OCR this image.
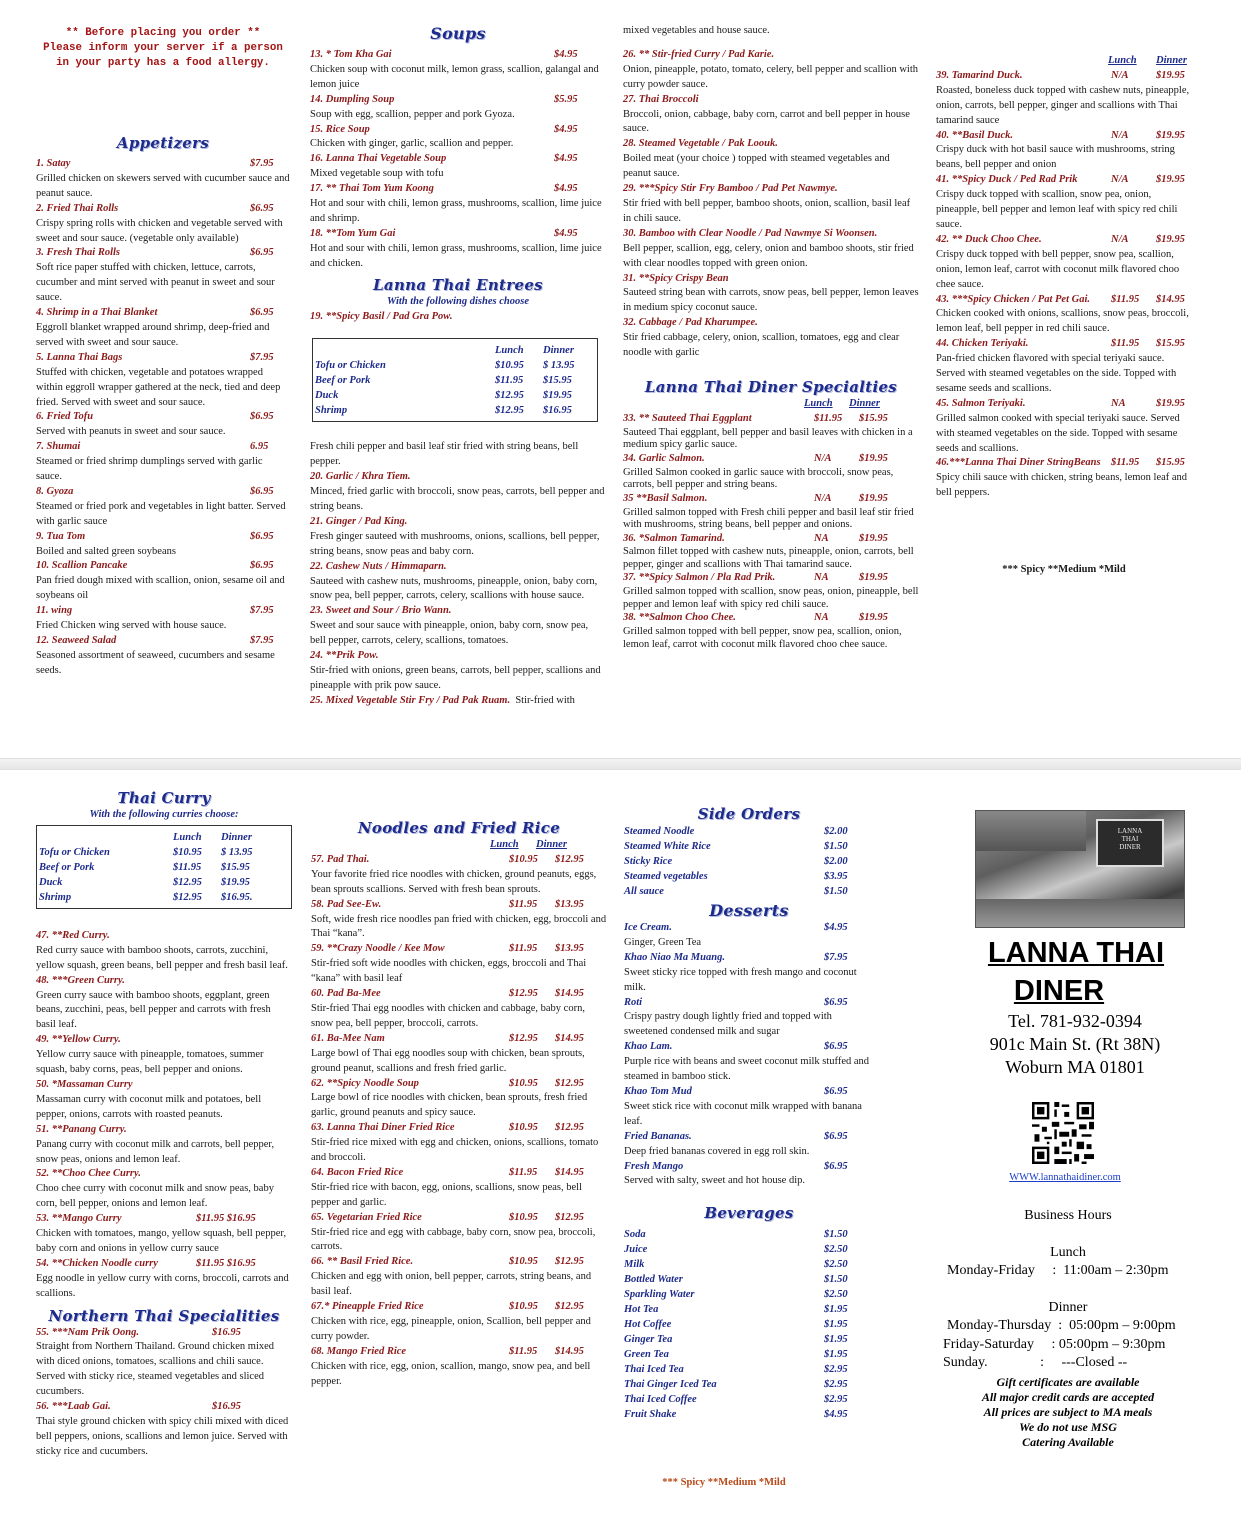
** Before placing you order **
Please inform your server if a person
in your party has a food allergy.
Appetizers
1. Satay	$7.95
Grilled chicken on skewers served with cucumber sauce and peanut sauce.
2. Fried Thai Rolls	$6.95
Crispy spring rolls with chicken and vegetable served with sweet and sour sauce. (vegetable only available)
3. Fresh Thai Rolls	$6.95
Soft rice paper stuffed with chicken, lettuce, carrots, cucumber and mint served with peanut in sweet and sour sauce.
4. Shrimp in a Thai Blanket	$6.95
Eggroll blanket wrapped around shrimp, deep-fried and served with sweet and sour sauce.
5. Lanna Thai Bags	$7.95
Stuffed with chicken, vegetable and potatoes wrapped within eggroll wrapper gathered at the neck, tied and deep fried. Served with sweet and sour sauce.
6. Fried Tofu	$6.95
Served with peanuts in sweet and sour sauce.
7. Shumai	6.95
Steamed or fried shrimp dumplings served with garlic sauce.
8. Gyoza	$6.95
Steamed or fried pork and vegetables in light batter. Served with garlic sauce
9. Tua Tom	$6.95
Boiled and salted green soybeans
10. Scallion Pancake	$6.95
Pan fried dough mixed with scallion, onion, sesame oil and soybeans oil
11. wing	$7.95
Fried Chicken wing served with house sauce.
12. Seaweed Salad	$7.95
Seasoned assortment of seaweed, cucumbers and sesame seeds.
Soups
13. * Tom Kha Gai	$4.95
Chicken soup with coconut milk, lemon grass, scallion, galangal and lemon juice
14. Dumpling Soup	$5.95
Soup with egg, scallion, pepper and pork Gyoza.
15. Rice Soup	$4.95
Chicken with ginger, garlic, scallion and pepper.
16. Lanna Thai Vegetable Soup	$4.95
Mixed vegetable soup with tofu
17. ** Thai Tom Yum Koong	$4.95
Hot and sour with chili, lemon grass, mushrooms, scallion, lime juice and shrimp.
18. **Tom Yum Gai	$4.95
Hot and sour with chili, lemon grass, mushrooms, scallion, lime juice and chicken.
Lanna Thai Entrees
With the following dishes choose
19. **Spicy Basil / Pad Gra Pow.
Lunch	Dinner
Tofu or Chicken	$10.95	$ 13.95
Beef or Pork	$11.95	$15.95
Duck	$12.95	$19.95
Shrimp	$12.95	$16.95
Fresh chili pepper and basil leaf stir fried with string beans, bell pepper.
20. Garlic / Khra Tiem.
Minced, fried garlic with broccoli, snow peas, carrots, bell pepper and string beans.
21. Ginger / Pad King.
Fresh ginger sauteed with mushrooms, onions, scallions, bell pepper, string beans, snow peas and baby corn.
22. Cashew Nuts / Himmaparn.
Sauteed with cashew nuts, mushrooms, pineapple, onion, baby corn, snow pea, bell pepper, carrots, celery, scallions with house sauce.
23. Sweet and Sour / Brio Wann.
Sweet and sour sauce with pineapple, onion, baby corn, snow pea, bell pepper, carrots, celery, scallions, tomatoes.
24. **Prik Pow.
Stir-fried with onions, green beans, carrots, bell pepper, scallions and pineapple with prik pow sauce.
25. Mixed Vegetable Stir Fry / Pad Pak Ruam. Stir-fried with
mixed vegetables and house sauce.
26. ** Stir-fried Curry / Pad Karie.
Onion, pineapple, potato, tomato, celery, bell pepper and scallion with curry powder sauce.
27. Thai Broccoli
Broccoli, onion, cabbage, baby corn, carrot and bell pepper in house sauce.
28. Steamed Vegetable / Pak Loouk.
Boiled meat (your choice ) topped with steamed vegetables and peanut sauce.
29. ***Spicy Stir Fry Bamboo / Pad Pet Nawmye.
Stir fried with bell pepper, bamboo shoots, onion, scallion, basil leaf in chili sauce.
30. Bamboo with Clear Noodle / Pad Nawmye Si Woonsen.
Bell pepper, scallion, egg, celery, onion and bamboo shoots, stir fried with clear noodles topped with green onion.
31. **Spicy Crispy Bean
Sauteed string bean with carrots, snow peas, bell pepper, lemon leaves in medium spicy coconut sauce.
32. Cabbage / Pad Kharumpee.
Stir fried cabbage, celery, onion, scallion, tomatoes, egg and clear noodle with garlic
Lanna Thai Diner Specialties
Lunch	Dinner
33. ** Sauteed Thai Eggplant	$11.95	$15.95
Sauteed Thai eggplant, bell pepper and basil leaves with chicken in a medium spicy garlic sauce.
34. Garlic Salmon.	N/A	$19.95
Grilled Salmon cooked in garlic sauce with broccoli, snow peas, carrots, bell pepper and string beans.
35 **Basil Salmon.	N/A	$19.95
Grilled salmon topped with Fresh chili pepper and basil leaf stir fried with mushrooms, string beans, bell pepper and onions.
36. *Salmon Tamarind.	NA	$19.95
Salmon fillet topped with cashew nuts, pineapple, onion, carrots, bell pepper, ginger and scallions with Thai tamarind sauce.
37. **Spicy Salmon / Pla Rad Prik.	NA	$19.95
Grilled salmon topped with scallion, snow peas, onion, pineapple, bell pepper and lemon leaf with spicy red chili sauce.
38. **Salmon Choo Chee.	NA	$19.95
Grilled salmon topped with bell pepper, snow pea, scallion, onion, lemon leaf, carrot with coconut milk flavored choo chee sauce.
Lunch	Dinner
39. Tamarind Duck.	N/A	$19.95
Roasted, boneless duck topped with cashew nuts, pineapple, onion, carrots, bell pepper, ginger and scallions with Thai tamarind sauce
40. **Basil Duck.	N/A	$19.95
Crispy duck with hot basil sauce with mushrooms, string beans, bell pepper and onion
41. **Spicy Duck / Ped Rad Prik	N/A	$19.95
Crispy duck topped with scallion, snow pea, onion, pineapple, bell pepper and lemon leaf with spicy red chili sauce.
42. ** Duck Choo Chee.	N/A	$19.95
Crispy duck topped with bell pepper, snow pea, scallion, onion, lemon leaf, carrot with coconut milk flavored choo chee sauce.
43. ***Spicy Chicken / Pat Pet Gai.	$11.95	$14.95
Chicken cooked with onions, scallions, snow peas, broccoli, lemon leaf, bell pepper in red chili sauce.
44. Chicken Teriyaki.	$11.95	$15.95
Pan-fried chicken flavored with special teriyaki sauce. Served with steamed vegetables on the side. Topped with sesame seeds and scallions.
45. Salmon Teriyaki.	NA	$19.95
Grilled salmon cooked with special teriyaki sauce. Served with steamed vegetables on the side. Topped with sesame seeds and scallions.
46.***Lanna Thai Diner StringBeans $11.95	$15.95
Spicy chili sauce with chicken, string beans, lemon leaf and bell peppers.
*** Spicy **Medium *Mild
Thai Curry
With the following curries choose:
Lunch	Dinner
Tofu or Chicken	$10.95	$ 13.95
Beef or Pork	$11.95	$15.95
Duck	$12.95	$19.95
Shrimp	$12.95	$16.95.
47. **Red Curry.
Red curry sauce with bamboo shoots, carrots, zucchini, yellow squash, green beans, bell pepper and fresh basil leaf.
48. ***Green Curry.
Green curry sauce with bamboo shoots, eggplant, green beans, zucchini, peas, bell pepper and carrots with fresh basil leaf.
49. **Yellow Curry.
Yellow curry sauce with pineapple, tomatoes, summer squash, baby corns, peas, bell pepper and onions.
50. *Massaman Curry
Massaman curry with coconut milk and potatoes, bell pepper, onions, carrots with roasted peanuts.
51. **Panang Curry.
Panang curry with coconut milk and carrots, bell pepper, snow peas, onions and lemon leaf.
52. **Choo Chee Curry.
Choo chee curry with coconut milk and snow peas, baby corn, bell pepper, onions and lemon leaf.
53. **Mango Curry	$11.95 $16.95
Chicken with tomatoes, mango, yellow squash, bell pepper, baby corn and onions in yellow curry sauce
54. **Chicken Noodle curry	$11.95 $16.95
Egg noodle in yellow curry with corns, broccoli, carrots and scallions.
Northern Thai Specialities
55. ***Nam Prik Oong.	$16.95
Straight from Northern Thailand. Ground chicken mixed with diced onions, tomatoes, scallions and chili sauce. Served with sticky rice, steamed vegetables and sliced cucumbers.
56. ***Laab Gai.	$16.95
Thai style ground chicken with spicy chili mixed with diced bell peppers, onions, scallions and lemon juice. Served with sticky rice and cucumbers.
Noodles and Fried Rice
Lunch	Dinner
57. Pad Thai.	$10.95	$12.95
Your favorite fried rice noodles with chicken, ground peanuts, eggs, bean sprouts scallions. Served with fresh bean sprouts.
58. Pad See-Ew.	$11.95	$13.95
Soft, wide fresh rice noodles pan fried with chicken, egg, broccoli and Thai “kana”.
59. **Crazy Noodle / Kee Mow	$11.95	$13.95
Stir-fried soft wide noodles with chicken, eggs, broccoli and Thai “kana” with basil leaf
60. Pad Ba-Mee	$12.95	$14.95
Stir-fried Thai egg noodles with chicken and cabbage, baby corn, snow pea, bell pepper, broccoli, carrots.
61. Ba-Mee Nam	$12.95	$14.95
Large bowl of Thai egg noodles soup with chicken, bean sprouts, ground peanut, scallions and fresh fried garlic.
62. **Spicy Noodle Soup	$10.95	$12.95
Large bowl of rice noodles with chicken, bean sprouts, fresh fried garlic, ground peanuts and spicy sauce.
63. Lanna Thai Diner Fried Rice	$10.95	$12.95
Stir-fried rice mixed with egg and chicken, onions, scallions, tomato and broccoli.
64. Bacon Fried Rice	$11.95	$14.95
Stir-fried rice with bacon, egg, onions, scallions, snow peas, bell pepper and garlic.
65. Vegetarian Fried Rice	$10.95	$12.95
Stir-fried rice and egg with cabbage, baby corn, snow pea, broccoli, carrots.
66. ** Basil Fried Rice.	$10.95	$12.95
Chicken and egg with onion, bell pepper, carrots, string beans, and basil leaf.
67.* Pineapple Fried Rice	$10.95	$12.95
Chicken with rice, egg, pineapple, onion, Scallion, bell pepper and curry powder.
68. Mango Fried Rice	$11.95	$14.95
Chicken with rice, egg, onion, scallion, mango, snow pea, and bell pepper.
Side Orders
Steamed Noodle	$2.00
Steamed White Rice	$1.50
Sticky Rice	$2.00
Steamed vegetables	$3.95
All sauce	$1.50
Desserts
Ice Cream.	$4.95
Ginger, Green Tea
Khao Niao Ma Muang.	$7.95
Sweet sticky rice topped with fresh mango and coconut milk.
Roti	$6.95
Crispy pastry dough lightly fried and topped with sweetened condensed milk and sugar
Khao Lam.	$6.95
Purple rice with beans and sweet coconut milk stuffed and steamed in bamboo stick.
Khao Tom Mud	$6.95
Sweet stick rice with coconut milk wrapped with banana leaf.
Fried Bananas.	$6.95
Deep fried bananas covered in egg roll skin.
Fresh Mango	$6.95
Served with salty, sweet and hot house dip.
Beverages
Soda	$1.50
Juice	$2.50
Milk	$2.50
Bottled Water	$1.50
Sparkling Water	$2.50
Hot Tea	$1.95
Hot Coffee	$1.95
Ginger Tea	$1.95
Green Tea	$1.95
Thai Iced Tea	$2.95
Thai Ginger Iced Tea	$2.95
Thai Iced Coffee	$2.95
Fruit Shake	$4.95
*** Spicy **Medium *Mild
LANNA
THAI
DINER
LANNA THAI
DINER
Tel. 781-932-0394
901c Main St. (Rt 38N)
Woburn MA 01801
WWW.lannathaidiner.com
Business Hours
Lunch
Monday-Friday     :  11:00am – 2:30pm
Dinner
Monday-Thursday  :  05:00pm – 9:00pm
Friday-Saturday     : 05:00pm – 9:30pm
Sunday.               :     ---Closed --
Gift certificates are available
All major credit cards are accepted
All prices are subject to MA meals
We do not use MSG
Catering Available
